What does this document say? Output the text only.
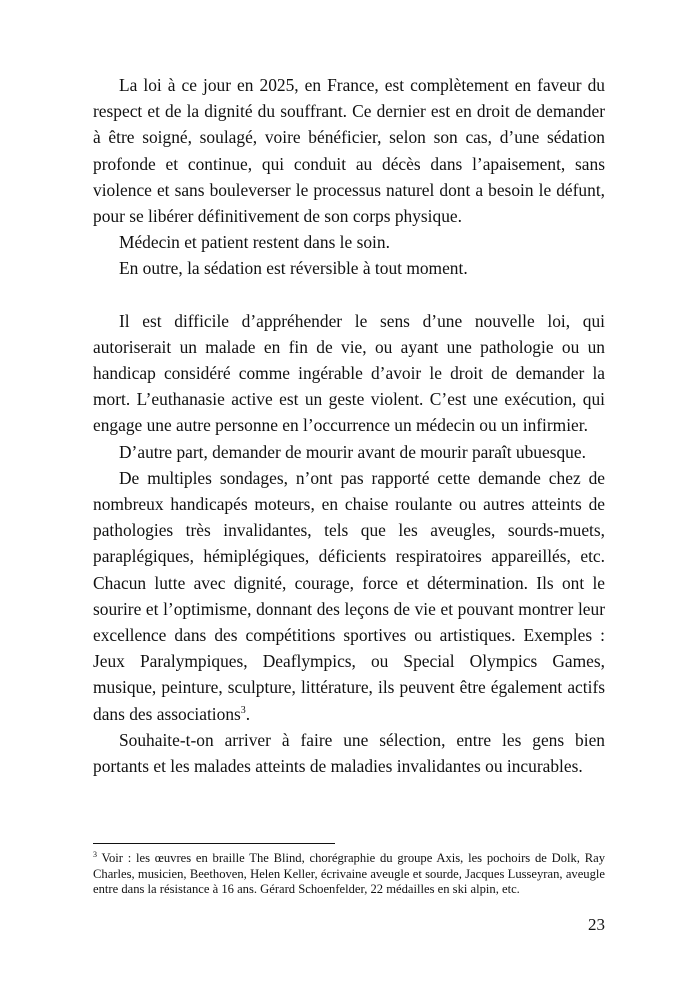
La loi à ce jour en 2025, en France, est complètement en faveur du respect et de la dignité du souffrant. Ce dernier est en droit de demander à être soigné, soulagé, voire bénéficier, selon son cas, d’une sédation profonde et continue, qui conduit au décès dans l’apaisement, sans violence et sans bouleverser le processus naturel dont a besoin le défunt, pour se libérer définitivement de son corps physique.

Médecin et patient restent dans le soin.

En outre, la sédation est réversible à tout moment.

Il est difficile d’appréhender le sens d’une nouvelle loi, qui autoriserait un malade en fin de vie, ou ayant une pathologie ou un handicap considéré comme ingérable d’avoir le droit de demander la mort. L’euthanasie active est un geste violent. C’est une exécution, qui engage une autre personne en l’occurrence un médecin ou un infirmier.

D’autre part, demander de mourir avant de mourir paraît ubuesque.

De multiples sondages, n’ont pas rapporté cette demande chez de nombreux handicapés moteurs, en chaise roulante ou autres atteints de pathologies très invalidantes, tels que les aveugles, sourds-muets, paraplégiques, hémiplégiques, déficients respiratoires appareillés, etc. Chacun lutte avec dignité, courage, force et détermination. Ils ont le sourire et l’optimisme, donnant des leçons de vie et pouvant montrer leur excellence dans des compétitions sportives ou artistiques. Exemples : Jeux Paralympiques, Deaflympics, ou Special Olympics Games, musique, peinture, sculpture, littérature, ils peuvent être également actifs dans des associations$^3$.

Souhaite-t-on arriver à faire une sélection, entre les gens bien portants et les malades atteints de maladies invalidantes ou incurables.

$^3$ Voir : les œuvres en braille The Blind, chorégraphie du groupe Axis, les pochoirs de Dolk, Ray Charles, musicien, Beethoven, Helen Keller, écrivaine aveugle et sourde, Jacques Lusseyran, aveugle entre dans la résistance à 16 ans. Gérard Schoenfelder, 22 médailles en ski alpin, etc.

23
